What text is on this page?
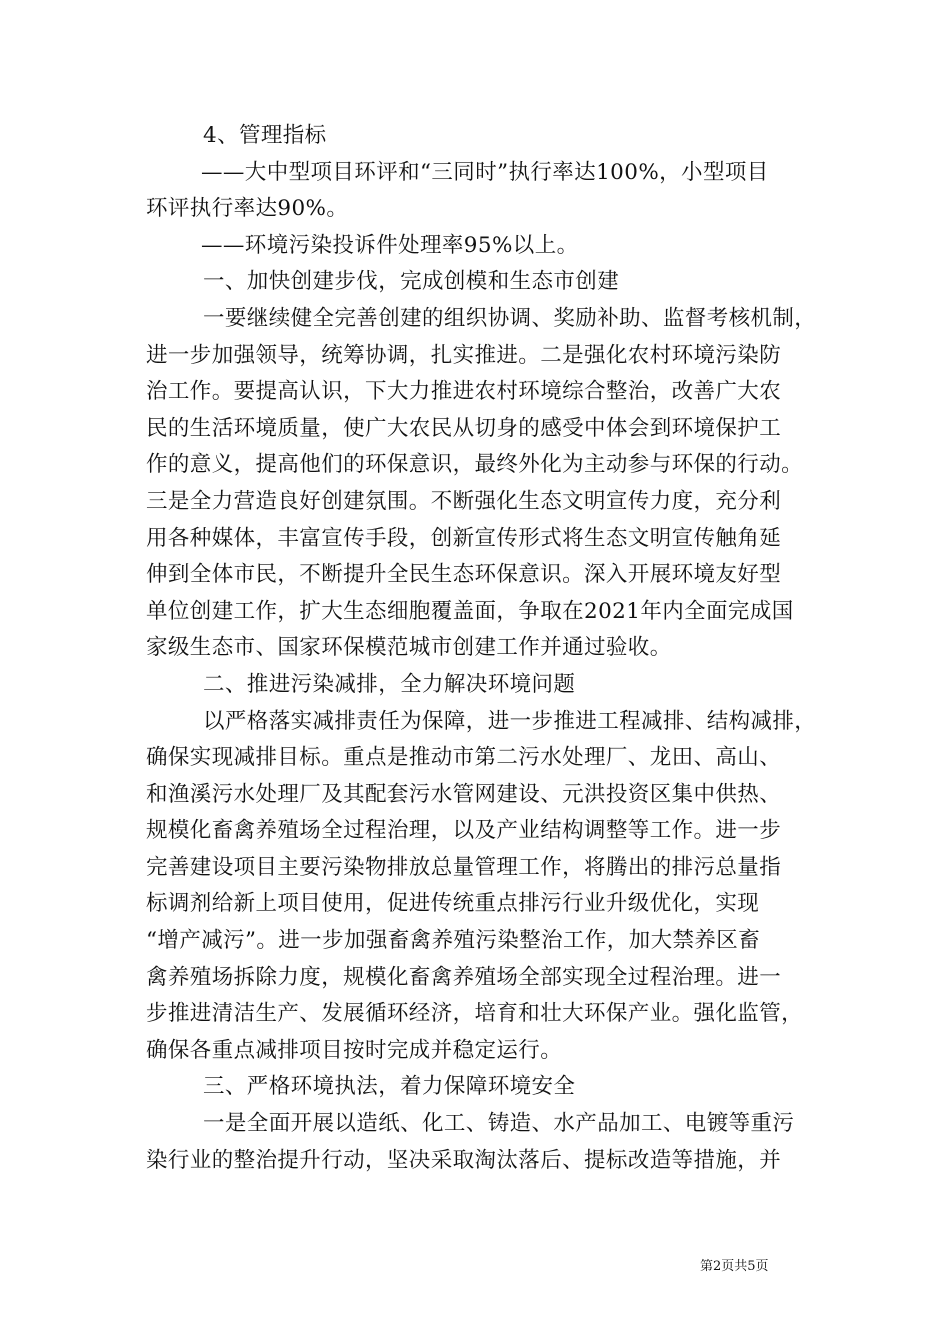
4、管理指标
——大中型项目环评和“三同时”执行率达100%，小型项目
环评执行率达90%。
——环境污染投诉件处理率95%以上。
一、加快创建步伐，完成创模和生态市创建
一要继续健全完善创建的组织协调、奖励补助、监督考核机制，
进一步加强领导，统筹协调，扎实推进。二是强化农村环境污染防
治工作。要提高认识，下大力推进农村环境综合整治，改善广大农
民的生活环境质量，使广大农民从切身的感受中体会到环境保护工
作的意义，提高他们的环保意识，最终外化为主动参与环保的行动。
三是全力营造良好创建氛围。不断强化生态文明宣传力度，充分利
用各种媒体，丰富宣传手段，创新宣传形式将生态文明宣传触角延
伸到全体市民，不断提升全民生态环保意识。深入开展环境友好型
单位创建工作，扩大生态细胞覆盖面，争取在2021年内全面完成国
家级生态市、国家环保模范城市创建工作并通过验收。
二、推进污染减排，全力解决环境问题
以严格落实减排责任为保障，进一步推进工程减排、结构减排，
确保实现减排目标。重点是推动市第二污水处理厂、龙田、高山、
和渔溪污水处理厂及其配套污水管网建设、元洪投资区集中供热、
规模化畜禽养殖场全过程治理，以及产业结构调整等工作。进一步
完善建设项目主要污染物排放总量管理工作，将腾出的排污总量指
标调剂给新上项目使用，促进传统重点排污行业升级优化，实现
“增产减污”。进一步加强畜禽养殖污染整治工作，加大禁养区畜
禽养殖场拆除力度，规模化畜禽养殖场全部实现全过程治理。进一
步推进清洁生产、发展循环经济，培育和壮大环保产业。强化监管，
确保各重点减排项目按时完成并稳定运行。
三、严格环境执法，着力保障环境安全
一是全面开展以造纸、化工、铸造、水产品加工、电镀等重污
染行业的整治提升行动，坚决采取淘汰落后、提标改造等措施，并
第2页共5页
